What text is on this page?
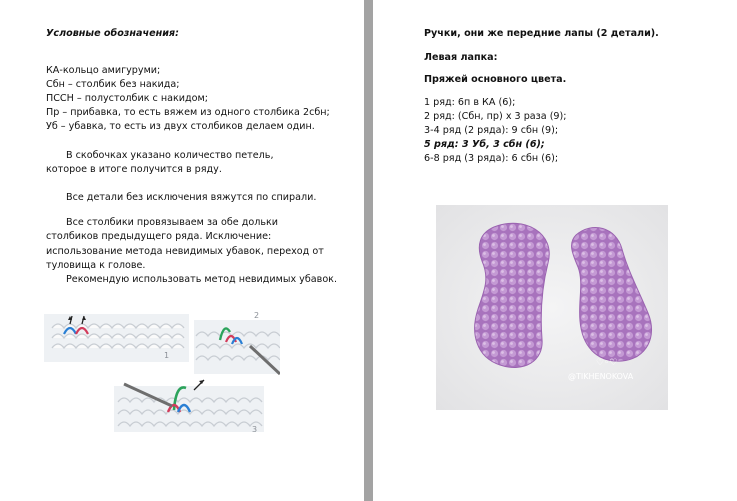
Условные обозначения:
КА-кольцо амигуруми;
Сбн – столбик без накида;
ПССН – полустолбик с накидом;
Пр – прибавка, то есть вяжем из одного столбика 2сбн;
Уб – убавка, то есть из двух столбиков делаем один.
В скобочках указано количество петель, которое в итоге получится в ряду.
Все детали без исключения вяжутся по спирали.
Все столбики провязываем за обе дольки столбиков предыдущего ряда. Исключение: использование метода невидимых убавок, переход от туловища к голове.
Рекомендую использовать метод невидимых убавок.
1
2
3
Ручки, они же передние лапы (2 детали).
Левая лапка:
Пряжей основного цвета.
1 ряд: 6п в КА (6);
2 ряд: (Сбн, пр) х 3 раза (9);
3-4 ряд (2 ряда): 9 сбн (9);
5 ряд: 3 Уб, 3 сбн (6);
6-8 ряд (3 ряда): 6 сбн (6);
♡◦♡
@TIKHENOKOVA
